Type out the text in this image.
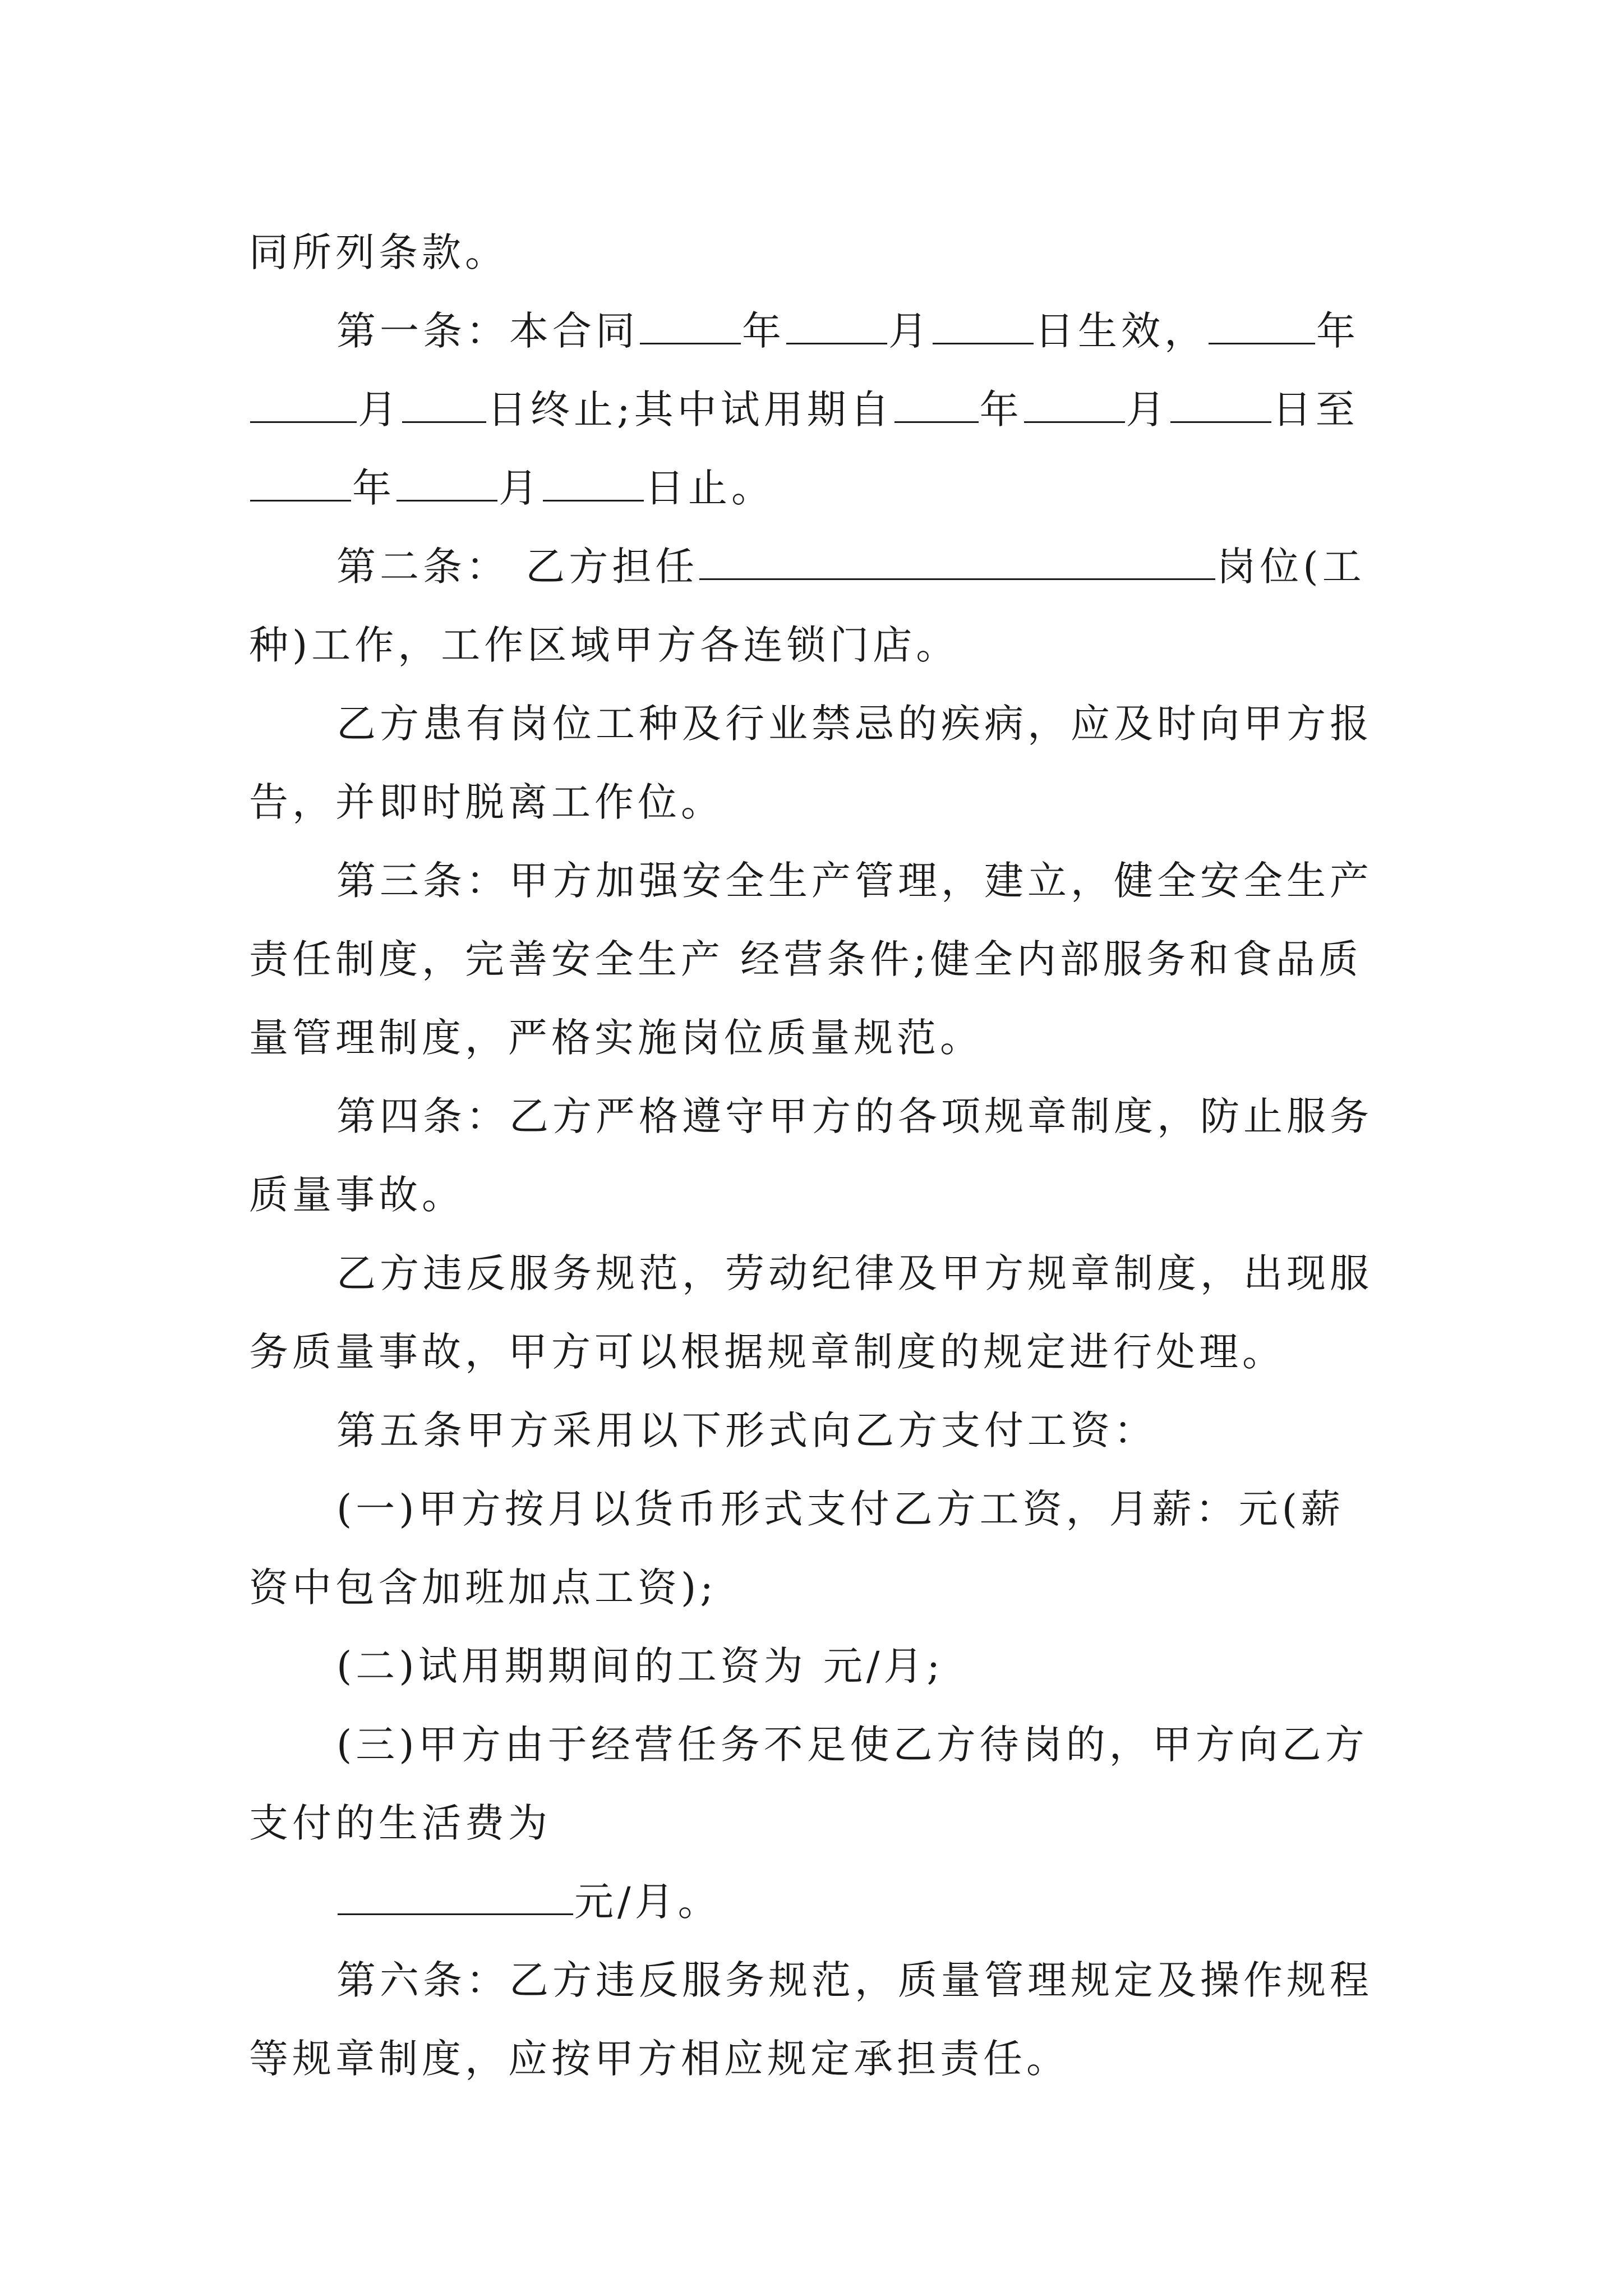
同所列条款。
第一条：本合同	年	月	日生效，	年
月 日终止;其中试用期自 年	月	日至
年	月	日止。
第二条： 乙方担任	岗位(工
种)工作，工作区域甲方各连锁门店。
乙方患有岗位工种及行业禁忌的疾病，应及时向甲方报
告，并即时脱离工作位。
第三条：甲方加强安全生产管理，建立，健全安全生产
责任制度，完善安全生产 经营条件;健全内部服务和食品质
量管理制度，严格实施岗位质量规范。
第四条：乙方严格遵守甲方的各项规章制度，防止服务
质量事故。
乙方违反服务规范，劳动纪律及甲方规章制度，出现服
务质量事故，甲方可以根据规章制度的规定进行处理。
第五条甲方采用以下形式向乙方支付工资：
(一)甲方按月以货币形式支付乙方工资，月薪：元(薪
资中包含加班加点工资);
(二)试用期期间的工资为 元/月;
(三)甲方由于经营任务不足使乙方待岗的，甲方向乙方
支付的生活费为
元/月。
第六条：乙方违反服务规范，质量管理规定及操作规程
等规章制度，应按甲方相应规定承担责任。
